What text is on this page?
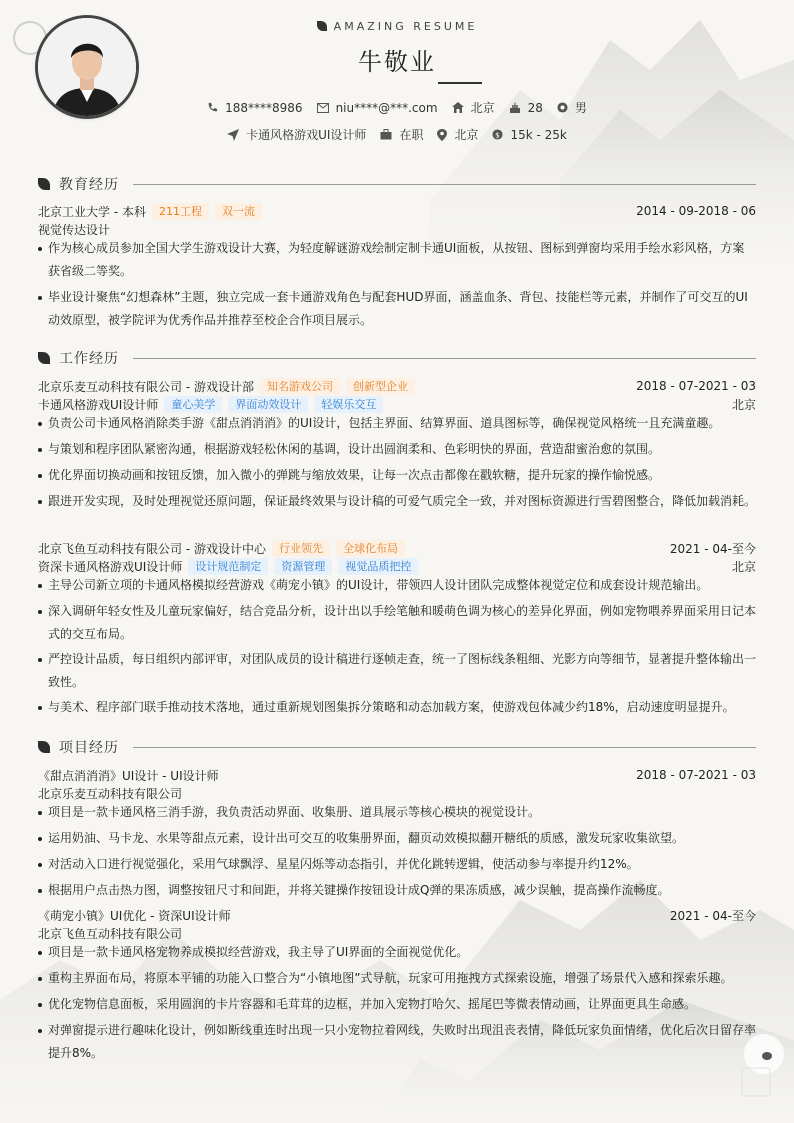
AMAZING RESUME
牛敬业
188****8986	niu****@***.com	北京	28	男
卡通风格游戏UI设计师	在职	北京 $ 15k - 25k
教育经历
北京工业大学 - 本科	211工程	双一流	2014 - 09-2018 - 06
视觉传达设计
作为核心成员参加全国大学生游戏设计大赛，为轻度解谜游戏绘制定制卡通UI面板，从按钮、图标到弹窗均采用手绘水彩风格，方案获省级二等奖。
毕业设计聚焦“幻想森林”主题，独立完成一套卡通游戏角色与配套HUD界面，涵盖血条、背包、技能栏等元素，并制作了可交互的UI动效原型，被学院评为优秀作品并推荐至校企合作项目展示。
工作经历
北京乐麦互动科技有限公司 - 游戏设计部	知名游戏公司	创新型企业	2018 - 07-2021 - 03
卡通风格游戏UI设计师	童心美学	界面动效设计	轻娱乐交互	北京
负责公司卡通风格消除类手游《甜点消消消》的UI设计，包括主界面、结算界面、道具图标等，确保视觉风格统一且充满童趣。
与策划和程序团队紧密沟通，根据游戏轻松休闲的基调，设计出圆润柔和、色彩明快的界面，营造甜蜜治愈的氛围。
优化界面切换动画和按钮反馈，加入微小的弹跳与缩放效果，让每一次点击都像在戳软糖，提升玩家的操作愉悦感。
跟进开发实现，及时处理视觉还原问题，保证最终效果与设计稿的可爱气质完全一致，并对图标资源进行雪碧图整合，降低加载消耗。
北京飞鱼互动科技有限公司 - 游戏设计中心	行业领先	全球化布局	2021 - 04-至今
资深卡通风格游戏UI设计师	设计规范制定	资源管理	视觉品质把控	北京
主导公司新立项的卡通风格模拟经营游戏《萌宠小镇》的UI设计，带领四人设计团队完成整体视觉定位和成套设计规范输出。
深入调研年轻女性及儿童玩家偏好，结合竞品分析，设计出以手绘笔触和暖萌色调为核心的差异化界面，例如宠物喂养界面采用日记本式的交互布局。
严控设计品质，每日组织内部评审，对团队成员的设计稿进行逐帧走查，统一了图标线条粗细、光影方向等细节，显著提升整体输出一致性。
与美术、程序部门联手推动技术落地，通过重新规划图集拆分策略和动态加载方案，使游戏包体减少约18%，启动速度明显提升。
项目经历
《甜点消消消》UI设计 - UI设计师	2018 - 07-2021 - 03
北京乐麦互动科技有限公司
项目是一款卡通风格三消手游，我负责活动界面、收集册、道具展示等核心模块的视觉设计。
运用奶油、马卡龙、水果等甜点元素，设计出可交互的收集册界面，翻页动效模拟翻开糖纸的质感，激发玩家收集欲望。
对活动入口进行视觉强化，采用气球飘浮、星星闪烁等动态指引，并优化跳转逻辑，使活动参与率提升约12%。
根据用户点击热力图，调整按钮尺寸和间距，并将关键操作按钮设计成Q弹的果冻质感，减少误触，提高操作流畅度。
《萌宠小镇》UI优化 - 资深UI设计师	2021 - 04-至今
北京飞鱼互动科技有限公司
项目是一款卡通风格宠物养成模拟经营游戏，我主导了UI界面的全面视觉优化。
重构主界面布局，将原本平铺的功能入口整合为“小镇地图”式导航，玩家可用拖拽方式探索设施，增强了场景代入感和探索乐趣。
优化宠物信息面板，采用圆润的卡片容器和毛茸茸的边框，并加入宠物打哈欠、摇尾巴等微表情动画，让界面更具生命感。
对弹窗提示进行趣味化设计，例如断线重连时出现一只小宠物拉着网线，失败时出现沮丧表情，降低玩家负面情绪，优化后次日留存率提升8%。
